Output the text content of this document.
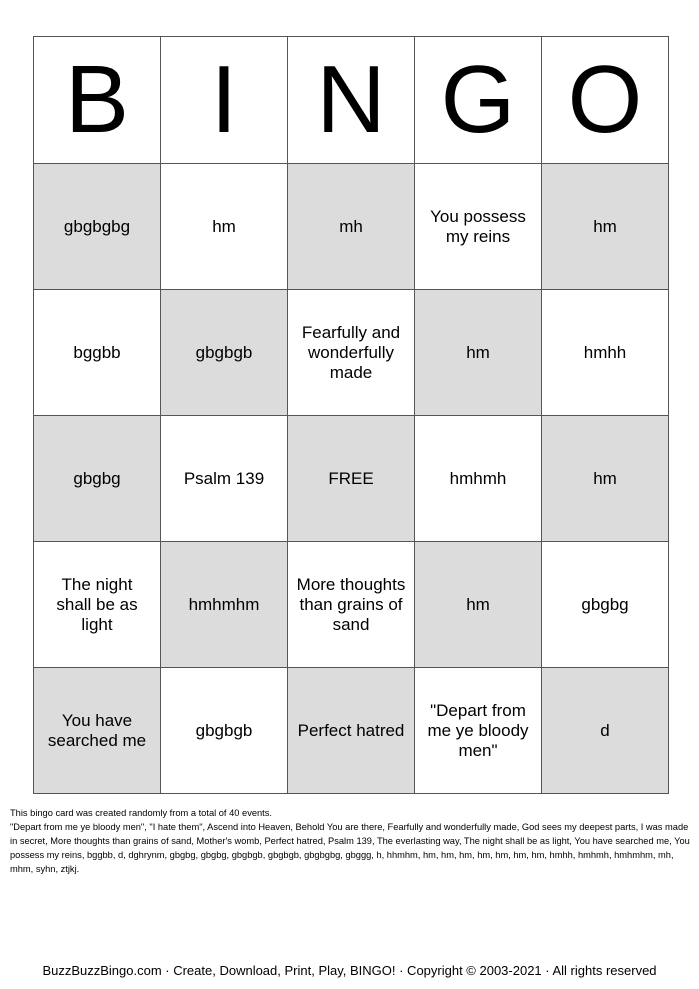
B	I	N	G	O
gbgbgbg	hm	mh	You possess my reins	hm
bggbb	gbgbgb	Fearfully and wonderfully made	hm	hmhh
gbgbg	Psalm 139	FREE	hmhmh	hm
The night shall be as light	hmhmhm	More thoughts than grains of sand	hm	gbgbg
You have searched me	gbgbgb	Perfect hatred	"Depart from me ye bloody men"	d
This bingo card was created randomly from a total of 40 events.
"Depart from me ye bloody men", "I hate them", Ascend into Heaven, Behold You are there, Fearfully and wonderfully made, God sees my deepest parts, I was made in secret, More thoughts than grains of sand, Mother's womb, Perfect hatred, Psalm 139, The everlasting way, The night shall be as light, You have searched me, You possess my reins, bggbb, d, dghrynm, gbgbg, gbgbg, gbgbgb, gbgbgb, gbgbgbg, gbggg, h, hhmhm, hm, hm, hm, hm, hm, hm, hm, hmhh, hmhmh, hmhmhm, mh, mhm, syhn, ztjkj.
BuzzBuzzBingo.com · Create, Download, Print, Play, BINGO! · Copyright © 2003-2021 · All rights reserved
